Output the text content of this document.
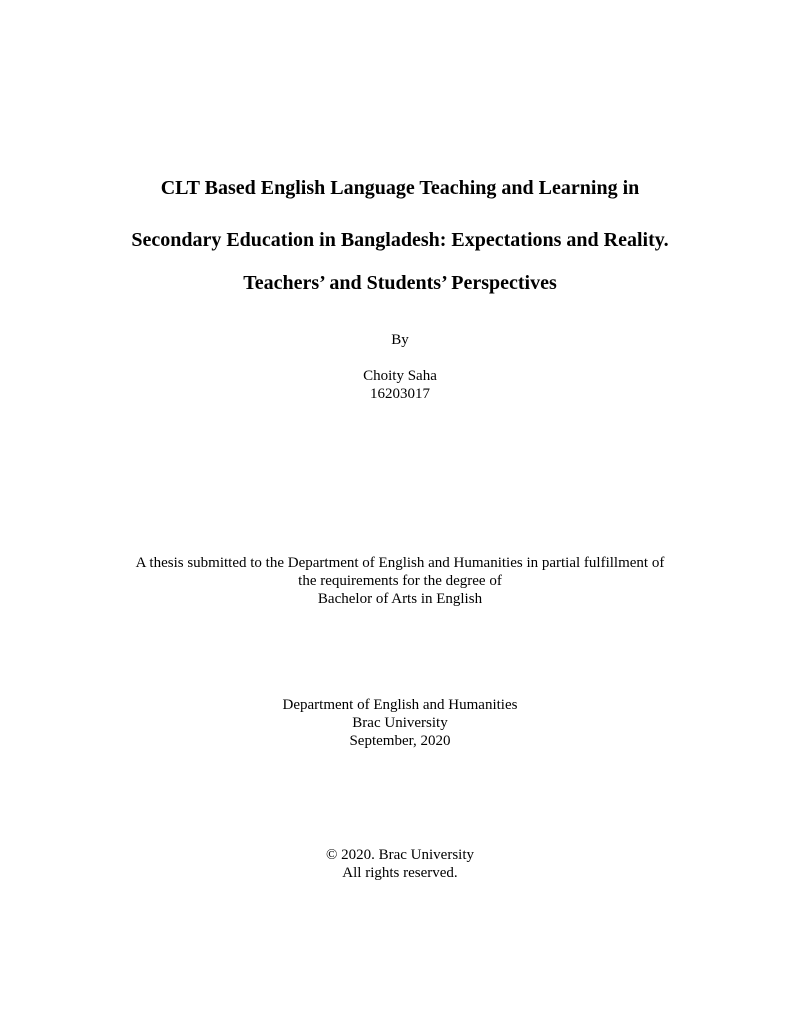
CLT Based English Language Teaching and Learning in
Secondary Education in Bangladesh: Expectations and Reality.
Teachers’ and Students’ Perspectives

By

Choity Saha

16203017

A thesis submitted to the Department of English and Humanities in partial fulfillment of

the requirements for the degree of

Bachelor of Arts in English

Department of English and Humanities

Brac University

September, 2020

© 2020. Brac University

All rights reserved.
